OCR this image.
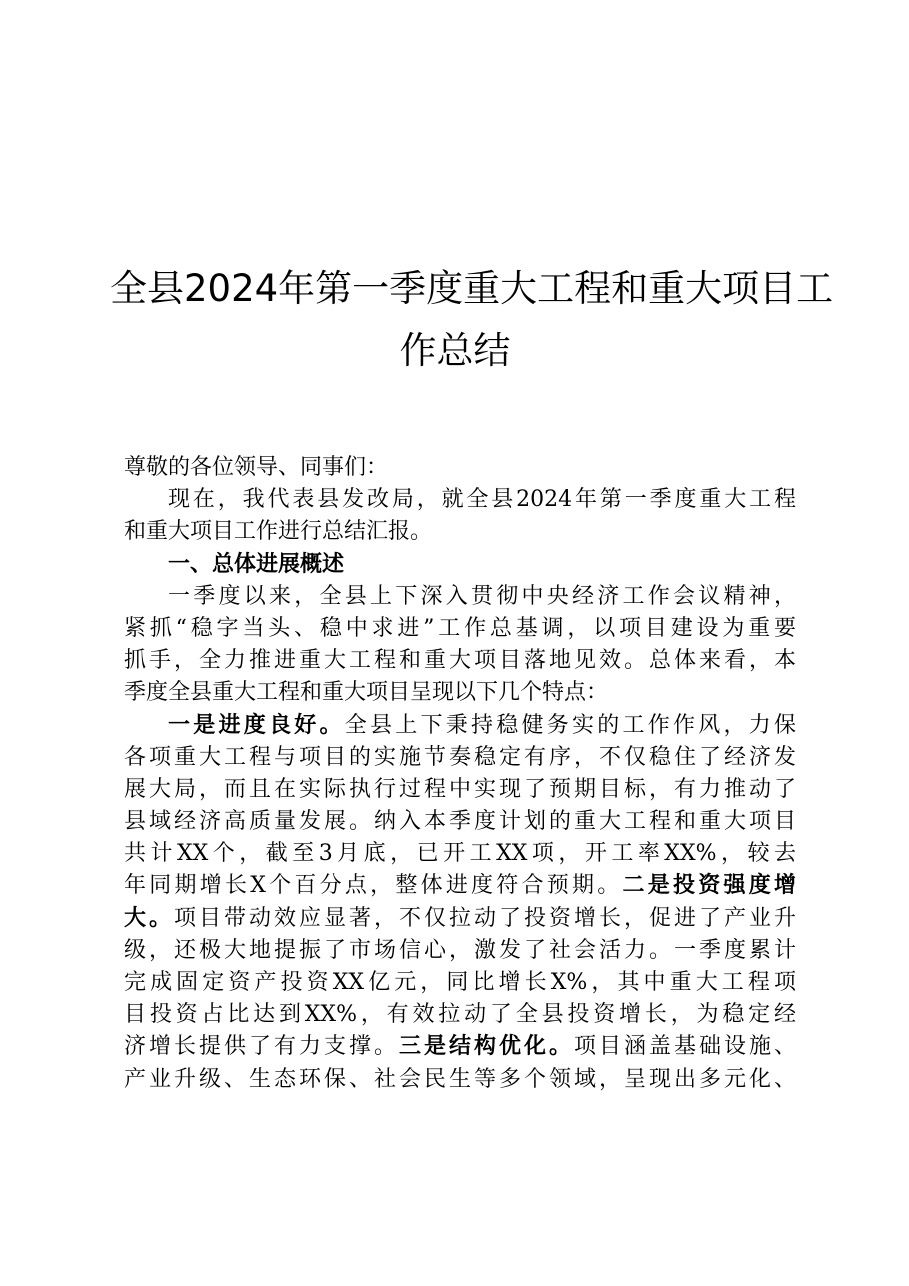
全县2024年第一季度重大工程和重大项目工
作总结
尊敬的各位领导、同事们：
现在，我代表县发改局，就全县2024年第一季度重大工程
和重大项目工作进行总结汇报。
一、总体进展概述
一季度以来，全县上下深入贯彻中央经济工作会议精神，
紧抓“稳字当头、稳中求进”工作总基调，以项目建设为重要
抓手，全力推进重大工程和重大项目落地见效。总体来看，本
季度全县重大工程和重大项目呈现以下几个特点：
一是进度良好。全县上下秉持稳健务实的工作作风，力保
各项重大工程与项目的实施节奏稳定有序，不仅稳住了经济发
展大局，而且在实际执行过程中实现了预期目标，有力推动了
县域经济高质量发展。纳入本季度计划的重大工程和重大项目
共计XX个，截至3月底，已开工XX项，开工率XX%，较去
年同期增长X个百分点，整体进度符合预期。二是投资强度增
大。项目带动效应显著，不仅拉动了投资增长，促进了产业升
级，还极大地提振了市场信心，激发了社会活力。一季度累计
完成固定资产投资XX亿元，同比增长X%，其中重大工程项
目投资占比达到XX%，有效拉动了全县投资增长，为稳定经
济增长提供了有力支撑。三是结构优化。项目涵盖基础设施、
产业升级、生态环保、社会民生等多个领域，呈现出多元化、
